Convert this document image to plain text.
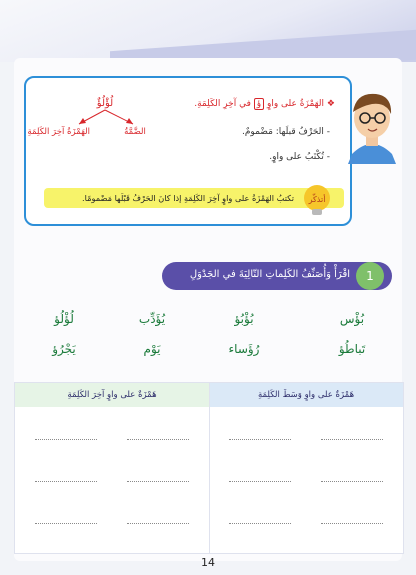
❖ الهَمْزَةُ على واوٍ ؤ في آخِرِ الكَلِمَةِ.
- الحَرْفُ قبلَها: مَضْمومٌ.
- تُكْتَبُ على واوٍ.
لُؤْلُؤٌ
الهَمْزَةُ آخِرَ الكَلِمَةِ	الضَّمَّةُ
تكتبُ الهَمْزَةُ على واوٍ آخِرَ الكَلِمَةِ إذا كانَ الحَرْفُ قَبْلَها مَضْمومًا. أتذكّر
اقْرَأْ وَأُصَنِّفُ الكَلِماتِ التّالِيَةَ في الجَدْوَلِ	1
بُؤْس
بُؤْبُؤ
يُؤَدِّب
لُؤْلُؤ
تَباطُؤ
رُؤَساء
يَوْم
يَجْرُؤ
هَمْزَةٌ على واوٍ وَسَطَ الكَلِمَةِ
هَمْزَةٌ على واوٍ آخِرَ الكَلِمَةِ
14
